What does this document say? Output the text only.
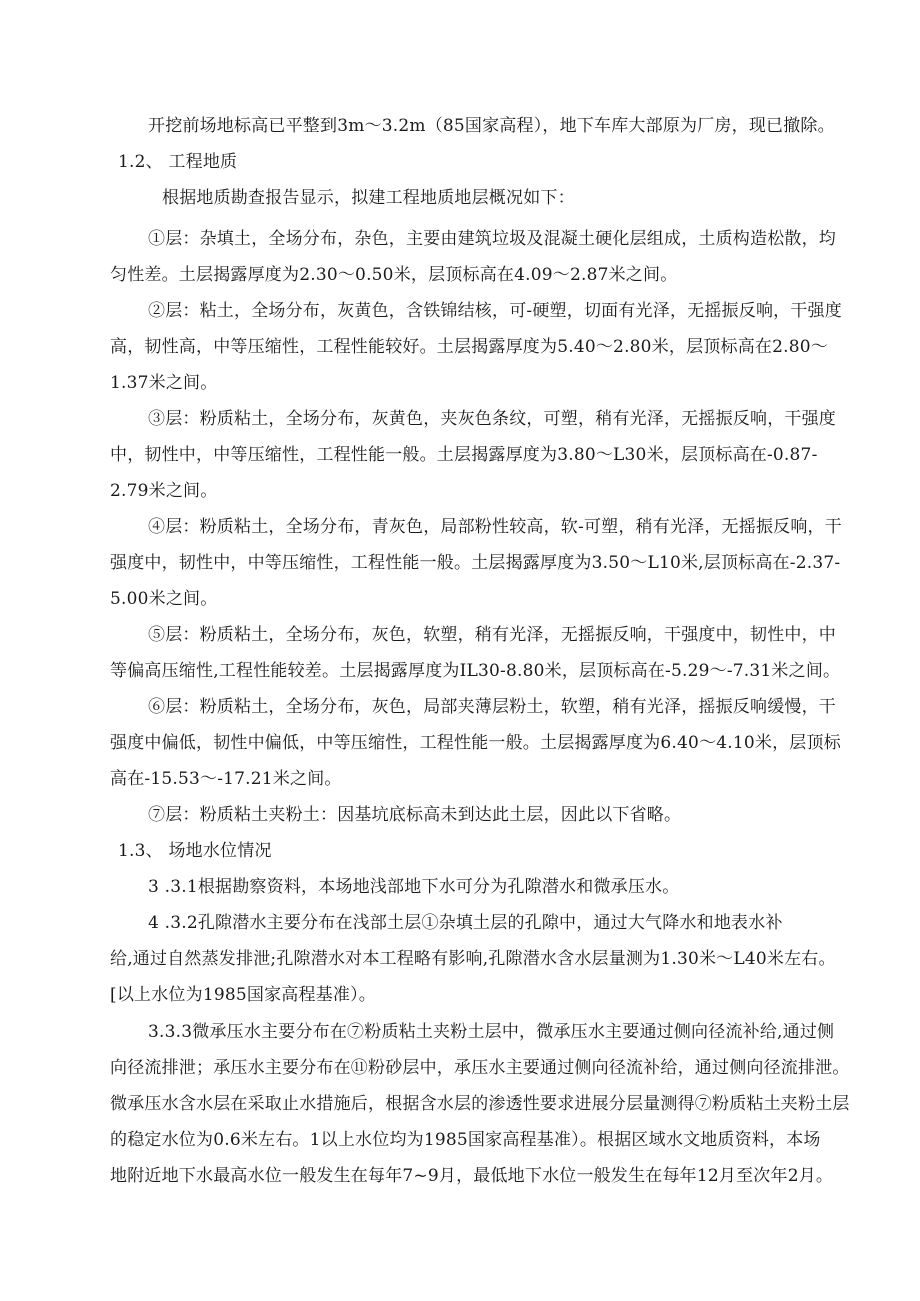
开挖前场地标高已平整到3m～3.2m（85国家高程），地下车库大部原为厂房，现已撤除。
1.2、 工程地质
根据地质勘查报告显示，拟建工程地质地层概况如下：
①层：杂填土，全场分布，杂色，主要由建筑垃圾及混凝土硬化层组成，土质构造松散，均
匀性差。土层揭露厚度为2.30～0.50米，层顶标高在4.09～2.87米之间。
②层：粘土，全场分布，灰黄色，含铁锦结核，可-硬塑，切面有光泽，无摇振反响，干强度
高，韧性高，中等压缩性，工程性能较好。土层揭露厚度为5.40～2.80米，层顶标高在2.80～
1.37米之间。
③层：粉质粘土，全场分布，灰黄色，夹灰色条纹，可塑，稍有光泽，无摇振反响，干强度
中，韧性中，中等压缩性，工程性能一般。土层揭露厚度为3.80～L30米，层顶标高在-0.87-
2.79米之间。
④层：粉质粘土，全场分布，青灰色，局部粉性较高，软-可塑，稍有光泽，无摇振反响，干
强度中，韧性中，中等压缩性，工程性能一般。土层揭露厚度为3.50～L10米,层顶标高在-2.37-
5.00米之间。
⑤层：粉质粘土，全场分布，灰色，软塑，稍有光泽，无摇振反响，干强度中，韧性中，中
等偏高压缩性,工程性能较差。土层揭露厚度为IL30-8.80米，层顶标高在-5.29～-7.31米之间。
⑥层：粉质粘土，全场分布，灰色，局部夹薄层粉土，软塑，稍有光泽，摇振反响缓慢，干
强度中偏低，韧性中偏低，中等压缩性，工程性能一般。土层揭露厚度为6.40～4.10米，层顶标
高在-15.53～-17.21米之间。
⑦层：粉质粘土夹粉土：因基坑底标高未到达此土层，因此以下省略。
1.3、 场地水位情况
3 .3.1根据勘察资料，本场地浅部地下水可分为孔隙潜水和微承压水。
4 .3.2孔隙潜水主要分布在浅部土层①杂填土层的孔隙中，通过大气降水和地表水补
给,通过自然蒸发排泄;孔隙潜水对本工程略有影响,孔隙潜水含水层量测为1.30米～L40米左右。
[以上水位为1985国家高程基准）。
3.3.3微承压水主要分布在⑦粉质粘土夹粉土层中，微承压水主要通过侧向径流补给,通过侧
向径流排泄；承压水主要分布在⑪粉砂层中，承压水主要通过侧向径流补给，通过侧向径流排泄。
微承压水含水层在采取止水措施后，根据含水层的渗透性要求进展分层量测得⑦粉质粘土夹粉土层
的稳定水位为0.6米左右。1以上水位均为1985国家高程基准）。根据区域水文地质资料，本场
地附近地下水最高水位一般发生在每年7~9月，最低地下水位一般发生在每年12月至次年2月。
